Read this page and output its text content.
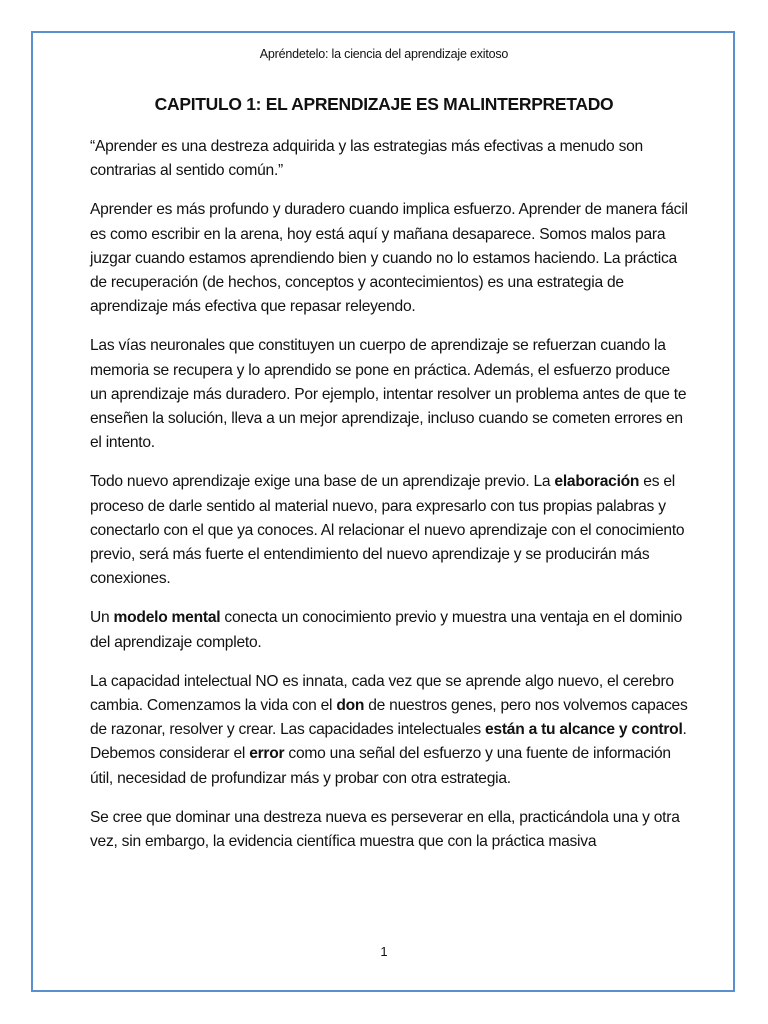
Apréndetelo: la ciencia del aprendizaje exitoso
CAPITULO 1: EL APRENDIZAJE ES MALINTERPRETADO

“Aprender es una destreza adquirida y las estrategias más efectivas a menudo son contrarias al sentido común.”

Aprender es más profundo y duradero cuando implica esfuerzo. Aprender de manera fácil es como escribir en la arena, hoy está aquí y mañana desaparece. Somos malos para juzgar cuando estamos aprendiendo bien y cuando no lo estamos haciendo. La práctica de recuperación (de hechos, conceptos y acontecimientos) es una estrategia de aprendizaje más efectiva que repasar releyendo.

Las vías neuronales que constituyen un cuerpo de aprendizaje se refuerzan cuando la memoria se recupera y lo aprendido se pone en práctica. Además, el esfuerzo produce un aprendizaje más duradero. Por ejemplo, intentar resolver un problema antes de que te enseñen la solución, lleva a un mejor aprendizaje, incluso cuando se cometen errores en el intento.

Todo nuevo aprendizaje exige una base de un aprendizaje previo. La elaboración es el proceso de darle sentido al material nuevo, para expresarlo con tus propias palabras y conectarlo con el que ya conoces. Al relacionar el nuevo aprendizaje con el conocimiento previo, será más fuerte el entendimiento del nuevo aprendizaje y se producirán más conexiones.

Un modelo mental conecta un conocimiento previo y muestra una ventaja en el dominio del aprendizaje completo.

La capacidad intelectual NO es innata, cada vez que se aprende algo nuevo, el cerebro cambia. Comenzamos la vida con el don de nuestros genes, pero nos volvemos capaces de razonar, resolver y crear. Las capacidades intelectuales están a tu alcance y control. Debemos considerar el error como una señal del esfuerzo y una fuente de información útil, necesidad de profundizar más y probar con otra estrategia.

Se cree que dominar una destreza nueva es perseverar en ella, practicándola una y otra vez, sin embargo, la evidencia científica muestra que con la práctica masiva

1
